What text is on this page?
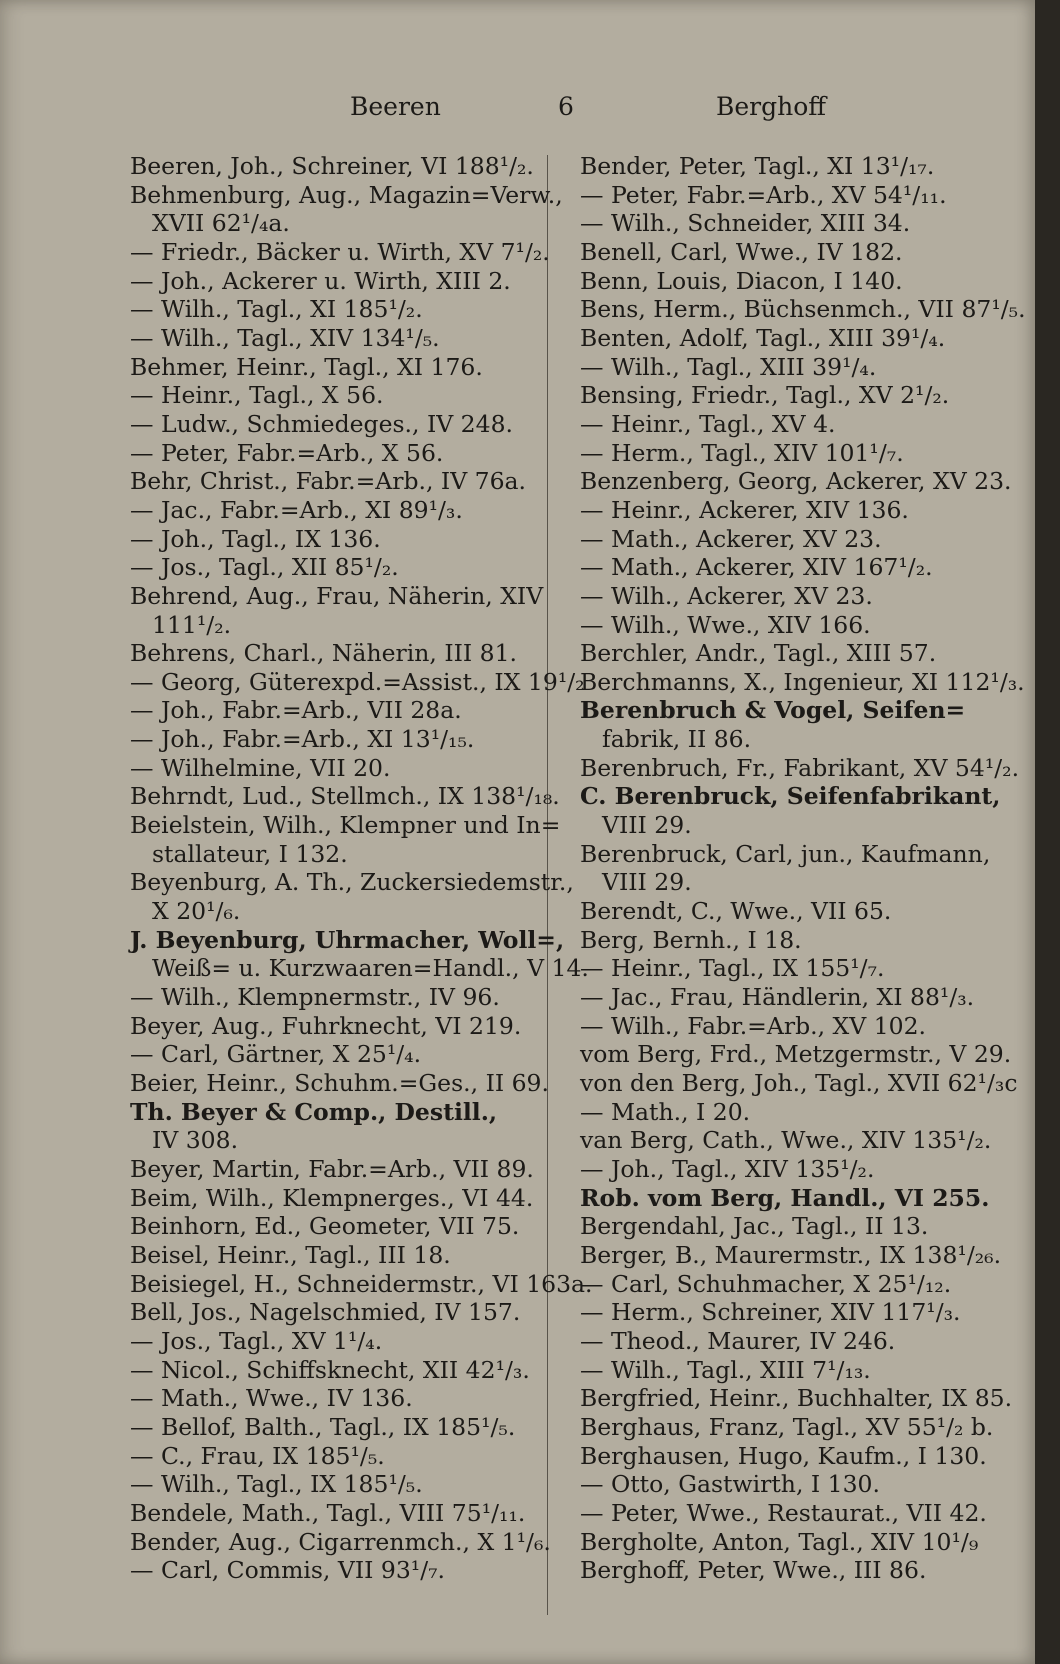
Beeren	6	Berghoff
Beeren, Joh., Schreiner, VI 188¹/₂.
Behmenburg, Aug., Magazin=Verw.,
XVII 62¹/₄a.
— Friedr., Bäcker u. Wirth, XV 7¹/₂.
— Joh., Ackerer u. Wirth, XIII 2.
— Wilh., Tagl., XI 185¹/₂.
— Wilh., Tagl., XIV 134¹/₅.
Behmer, Heinr., Tagl., XI 176.
— Heinr., Tagl., X 56.
— Ludw., Schmiedeges., IV 248.
— Peter, Fabr.=Arb., X 56.
Behr, Christ., Fabr.=Arb., IV 76a.
— Jac., Fabr.=Arb., XI 89¹/₃.
— Joh., Tagl., IX 136.
— Jos., Tagl., XII 85¹/₂.
Behrend, Aug., Frau, Näherin, XIV
111¹/₂.
Behrens, Charl., Näherin, III 81.
— Georg, Güterexpd.=Assist., IX 19¹/₂
— Joh., Fabr.=Arb., VII 28a.
— Joh., Fabr.=Arb., XI 13¹/₁₅.
— Wilhelmine, VII 20.
Behrndt, Lud., Stellmch., IX 138¹/₁₈.
Beielstein, Wilh., Klempner und In=
stallateur, I 132.
Beyenburg, A. Th., Zuckersiedemstr.,
X 20¹/₆.
J. Beyenburg, Uhrmacher, Woll=,
Weiß= u. Kurzwaaren=Handl., V 14.
— Wilh., Klempnermstr., IV 96.
Beyer, Aug., Fuhrknecht, VI 219.
— Carl, Gärtner, X 25¹/₄.
Beier, Heinr., Schuhm.=Ges., II 69.
Th. Beyer & Comp., Destill.,
IV 308.
Beyer, Martin, Fabr.=Arb., VII 89.
Beim, Wilh., Klempnerges., VI 44.
Beinhorn, Ed., Geometer, VII 75.
Beisel, Heinr., Tagl., III 18.
Beisiegel, H., Schneidermstr., VI 163a.
Bell, Jos., Nagelschmied, IV 157.
— Jos., Tagl., XV 1¹/₄.
— Nicol., Schiffsknecht, XII 42¹/₃.
— Math., Wwe., IV 136.
— Bellof, Balth., Tagl., IX 185¹/₅.
— C., Frau, IX 185¹/₅.
— Wilh., Tagl., IX 185¹/₅.
Bendele, Math., Tagl., VIII 75¹/₁₁.
Bender, Aug., Cigarrenmch., X 1¹/₆.
— Carl, Commis, VII 93¹/₇.
Bender, Peter, Tagl., XI 13¹/₁₇.
— Peter, Fabr.=Arb., XV 54¹/₁₁.
— Wilh., Schneider, XIII 34.
Benell, Carl, Wwe., IV 182.
Benn, Louis, Diacon, I 140.
Bens, Herm., Büchsenmch., VII 87¹/₅.
Benten, Adolf, Tagl., XIII 39¹/₄.
— Wilh., Tagl., XIII 39¹/₄.
Bensing, Friedr., Tagl., XV 2¹/₂.
— Heinr., Tagl., XV 4.
— Herm., Tagl., XIV 101¹/₇.
Benzenberg, Georg, Ackerer, XV 23.
— Heinr., Ackerer, XIV 136.
— Math., Ackerer, XV 23.
— Math., Ackerer, XIV 167¹/₂.
— Wilh., Ackerer, XV 23.
— Wilh., Wwe., XIV 166.
Berchler, Andr., Tagl., XIII 57.
Berchmanns, X., Ingenieur, XI 112¹/₃.
Berenbruch & Vogel, Seifen=
fabrik, II 86.
Berenbruch, Fr., Fabrikant, XV 54¹/₂.
C. Berenbruck, Seifenfabrikant,
VIII 29.
Berenbruck, Carl, jun., Kaufmann,
VIII 29.
Berendt, C., Wwe., VII 65.
Berg, Bernh., I 18.
— Heinr., Tagl., IX 155¹/₇.
— Jac., Frau, Händlerin, XI 88¹/₃.
— Wilh., Fabr.=Arb., XV 102.
vom Berg, Frd., Metzgermstr., V 29.
von den Berg, Joh., Tagl., XVII 62¹/₃c
— Math., I 20.
van Berg, Cath., Wwe., XIV 135¹/₂.
— Joh., Tagl., XIV 135¹/₂.
Rob. vom Berg, Handl., VI 255.
Bergendahl, Jac., Tagl., II 13.
Berger, B., Maurermstr., IX 138¹/₂₆.
— Carl, Schuhmacher, X 25¹/₁₂.
— Herm., Schreiner, XIV 117¹/₃.
— Theod., Maurer, IV 246.
— Wilh., Tagl., XIII 7¹/₁₃.
Bergfried, Heinr., Buchhalter, IX 85.
Berghaus, Franz, Tagl., XV 55¹/₂ b.
Berghausen, Hugo, Kaufm., I 130.
— Otto, Gastwirth, I 130.
— Peter, Wwe., Restaurat., VII 42.
Bergholte, Anton, Tagl., XIV 10¹/₉
Berghoff, Peter, Wwe., III 86.
